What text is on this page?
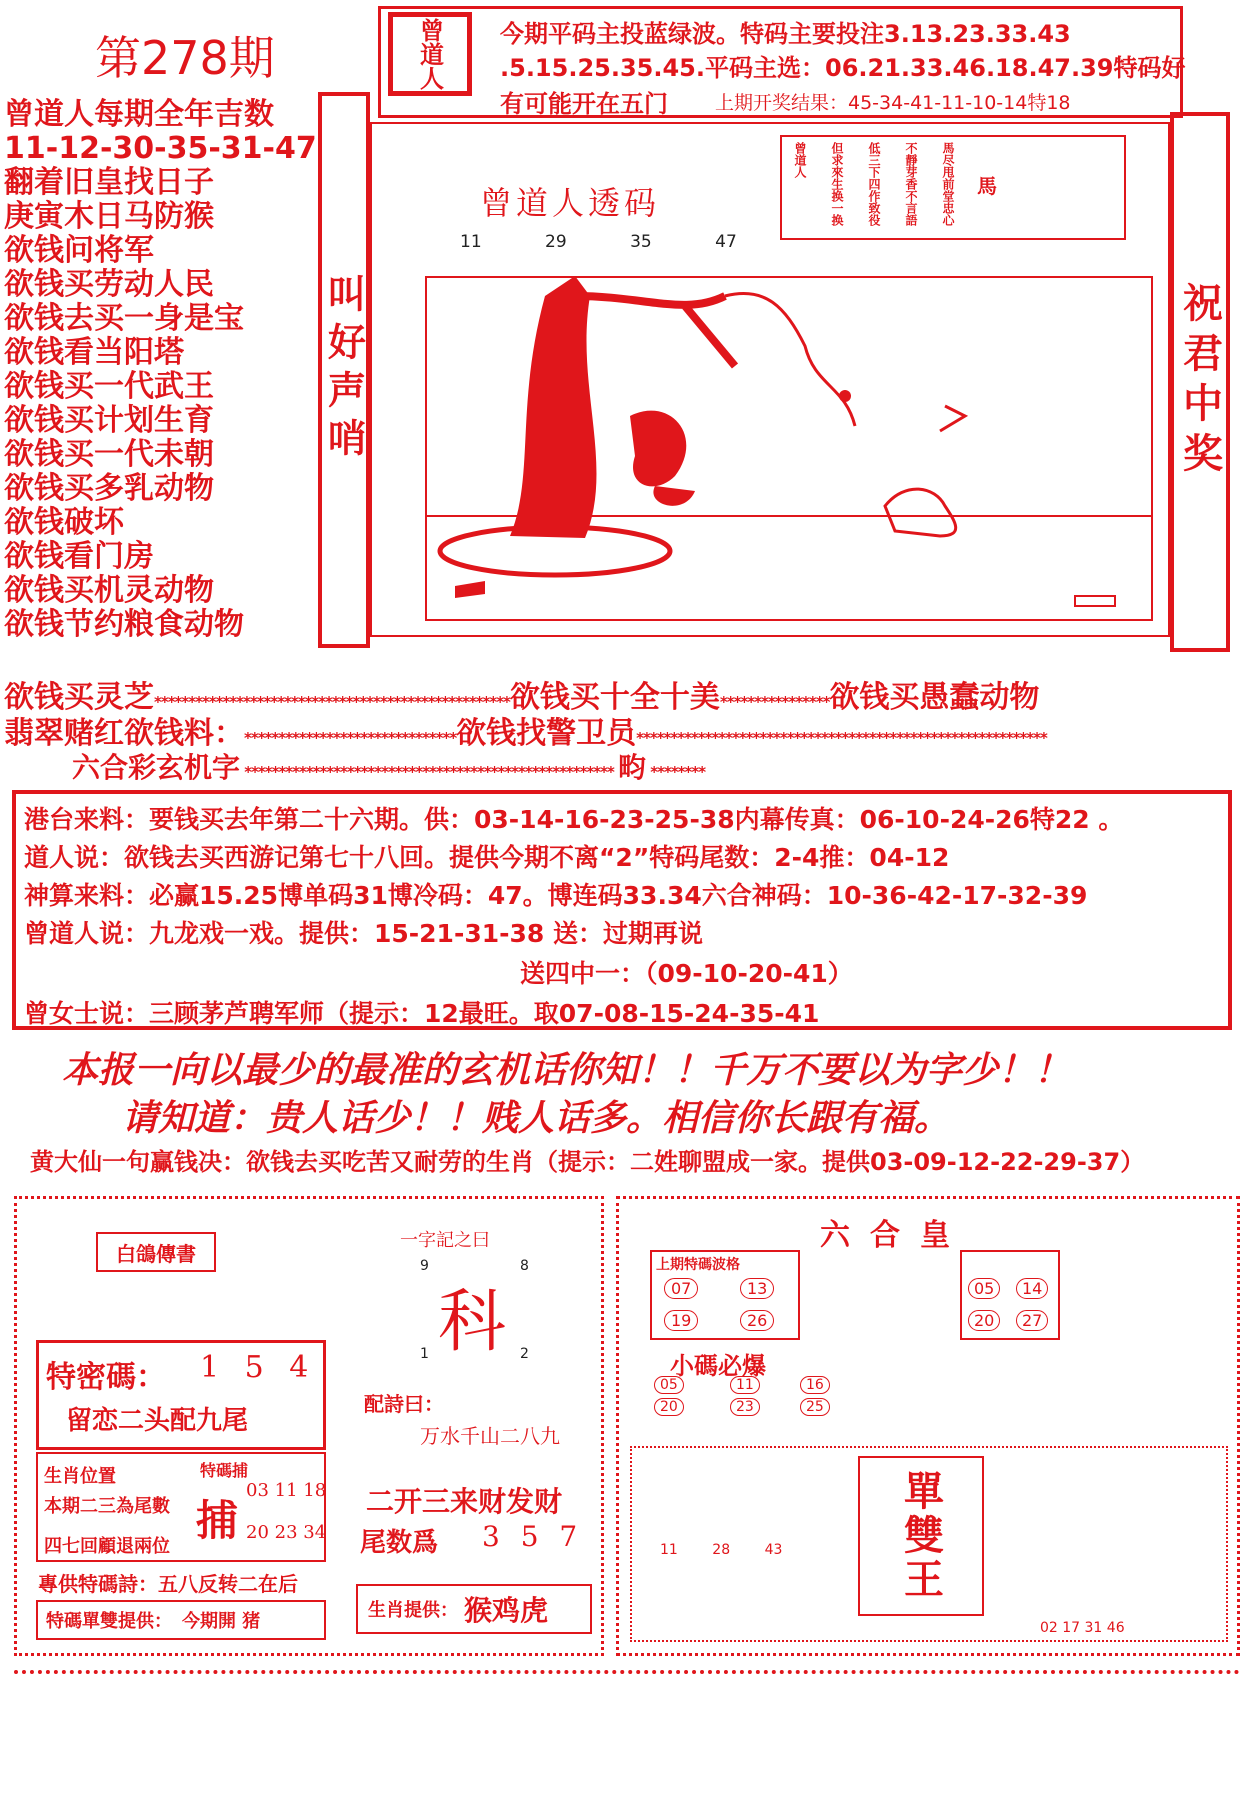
第278期	曾道人 今期平码主投蓝绿波。特码主要投注3.13.23.33.43
.5.15.25.35.45.平码主选：06.21.33.46.18.47.39特码好
有可能开在五门 上期开奖结果：45-34-41-11-10-14特18
曾道人每期全年吉数
11-12-30-35-31-47
翻着旧皇找日子
庚寅木日马防猴
欲钱问将军
欲钱买劳动人民
欲钱去买一身是宝
欲钱看当阳塔
欲钱买一代武王
欲钱买计划生育
欲钱买一代未朝
欲钱买多乳动物
欲钱破坏
欲钱看门房
欲钱买机灵动物
欲钱节约粮食动物
叫好声哨	祝君中奖
曾道人透码
11	29	35	47
馬
馬尽甩前堂忠心
不靜芽香不言語
低三下四作致役
但求來生换一换
曾道人
欲钱买灵芝****************************************************欲钱买十全十美****************欲钱买愚蠢动物
翡翠赌红欲钱料：*******************************欲钱找警卫员************************************************************
六合彩玄机字 ****************************************************** 畇 ********
港台来料：要钱买去年第二十六期。供：03-14-16-23-25-38内幕传真：06-10-24-26特22 。
道人说：欲钱去买西游记第七十八回。提供今期不离“2”特码尾数：2-4推：04-12
神算来料：必赢15.25博单码31博冷码：47。博连码33.34六合神码：10-36-42-17-32-39
曾道人说：九龙戏一戏。提供：15-21-31-38 送：过期再说
送四中一：（09-10-20-41）
曾女士说：三顾茅芦聘军师（提示：12最旺。取07-08-15-24-35-41
本报一向以最少的最准的玄机话你知！！千万不要以为字少！！
请知道：贵人话少！！贱人话多。相信你长跟有福。
黄大仙一句赢钱决：欲钱去买吃苦又耐劳的生肖（提示：二姓聊盟成一家。提供03-09-12-22-29-37）
白鴿傳書
特密碼： 1 5 4
留恋二头配九尾
生肖位置
本期二三為尾數
四七回顧退兩位
特碼捕
捕
03 11 18
20 23 34
專供特碼詩：五八反转二在后
特碼單雙提供： 今期開 猪
一字記之曰
9	8
科
1	2
配詩曰：
万水千山二八九
二开三来财发财
尾数爲 3 5 7
生肖提供： 猴鸡虎
六合皇
上期特碼波格
07	13
19	26
05	14
20	27
小碼必爆
05	11	16
20	23	25
單雙王
11 28 43
02 17 31 46
